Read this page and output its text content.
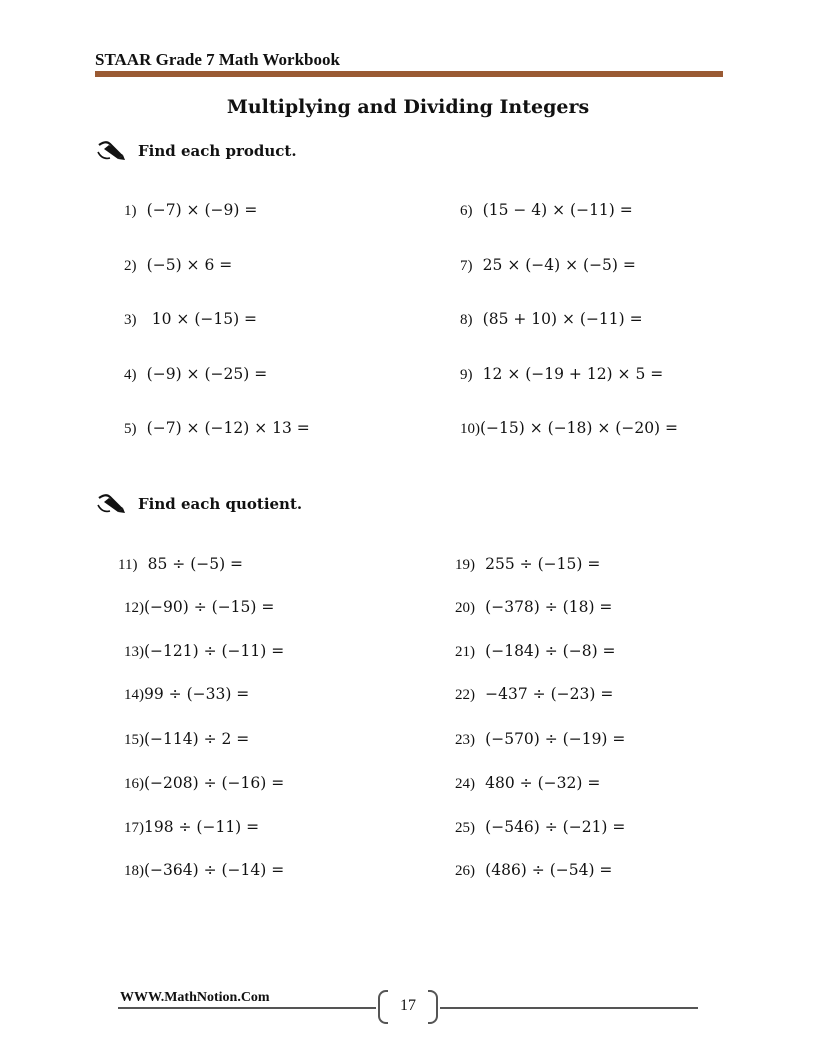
STAAR Grade 7 Math Workbook
Multiplying and Dividing Integers
Find each product.
1) (−7) × (−9) =
2) (−5) × 6 =
3)   10 × (−15) =
4) (−9) × (−25) =
5) (−7) × (−12) × 13 =
6) (15 − 4) × (−11) =
7) 25 × (−4) × (−5) =
8) (85 + 10) × (−11) =
9) 12 × (−19 + 12) × 5 =
10)(−15) × (−18) × (−20) =
Find each quotient.
11) 85 ÷ (−5) =
12)(−90) ÷ (−15) =
13)(−121) ÷ (−11) =
14)99 ÷ (−33) =
15)(−114) ÷ 2 =
16)(−208) ÷ (−16) =
17)198 ÷ (−11) =
18)(−364) ÷ (−14) =
19) 255 ÷ (−15) =
20) (−378) ÷ (18) =
21) (−184) ÷ (−8) =
22) −437 ÷ (−23) =
23) (−570) ÷ (−19) =
24) 480 ÷ (−32) =
25) (−546) ÷ (−21) =
26) (486) ÷ (−54) =
WWW.MathNotion.Com	17
